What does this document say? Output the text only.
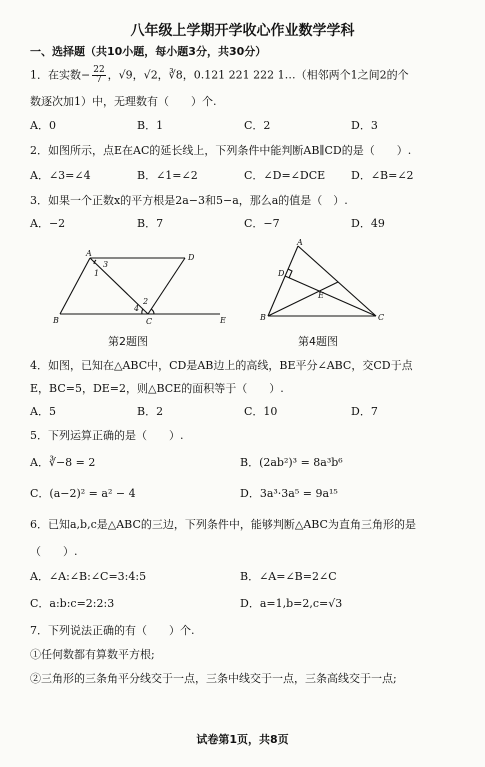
八年级上学期开学收心作业数学学科
一、选择题（共10小题，每小题3分，共30分）
1．在实数− $\frac{22}{7}$ ，√9，√2，∛8，0.121 221 222 1…（相邻两个1之间2的个
数逐次加1）中，无理数有（　　）个.
A．0	B．1	C．2	D．3
2．如图所示，点E在AC的延长线上，下列条件中能判断AB∥CD的是（　　）.
A．∠3=∠4	B．∠1=∠2	C．∠D=∠DCE	D．∠B=∠2
3．如果一个正数x的平方根是2a−3和5−a，那么a的值是（　）.
A．−2	B．7	C．−7	D．49
A	D
B	C	E
1
2
3
4
第2题图
A
D
E
B	C
第4题图
4．如图，已知在△ABC中，CD是AB边上的高线，BE平分∠ABC，交CD于点
E，BC=5，DE=2，则△BCE的面积等于（　　）.
A．5	B．2	C．10	D．7
5．下列运算正确的是（　　）.
A．∛−8 = 2	B．(2ab²)³ = 8a³b⁶
C．(a−2)² = a² − 4	D．3a³·3a⁵ = 9a¹⁵
6．已知a,b,c是△ABC的三边，下列条件中，能够判断△ABC为直角三角形的是
（　　）.
A．∠A:∠B:∠C=3:4:5	B．∠A=∠B=2∠C
C．a:b:c=2:2:3	D．a=1,b=2,c=√3
7．下列说法正确的有（　　）个.
①任何数都有算数平方根;
②三角形的三条角平分线交于一点，三条中线交于一点，三条高线交于一点;
试卷第1页，共8页
